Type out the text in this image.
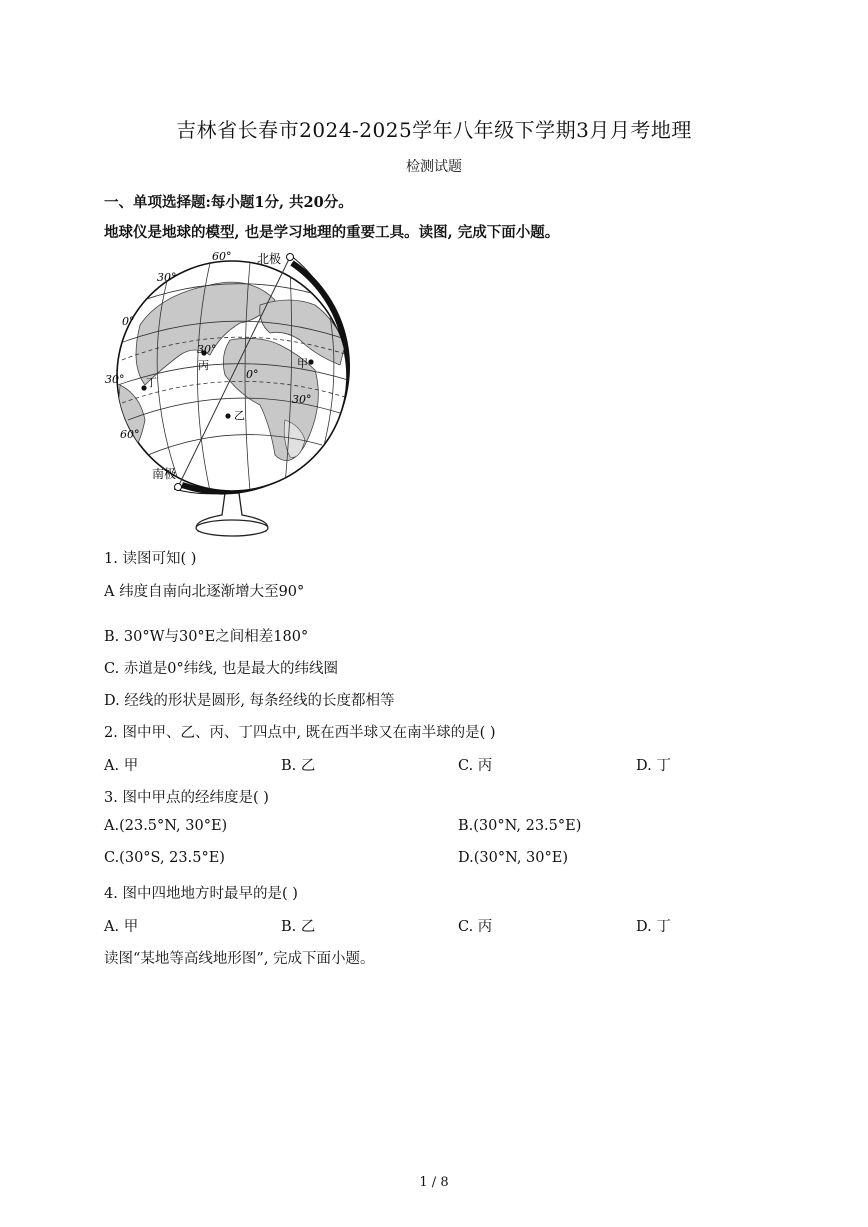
吉林省长春市2024-2025学年八年级下学期3月月考地理
检测试题
一、单项选择题:每小题1分, 共20分。
地球仪是地球的模型, 也是学习地理的重要工具。读图, 完成下面小题。
北极
南极
60°
30°
0°
30°
60°
30°
0°
30°
甲
乙
丙
丁
1. 读图可知( )
A 纬度自南向北逐渐增大至90°
B. 30°W与30°E之间相差180°
C. 赤道是0°纬线, 也是最大的纬线圈
D. 经线的形状是圆形, 每条经线的长度都相等
2. 图中甲、乙、丙、丁四点中, 既在西半球又在南半球的是( )
A. 甲	B. 乙	C. 丙	D. 丁
3. 图中甲点的经纬度是( )
A.(23.5°N, 30°E)	B.(30°N, 23.5°E)
C.(30°S, 23.5°E)	D.(30°N, 30°E)
4. 图中四地地方时最早的是( )
A. 甲	B. 乙	C. 丙	D. 丁
读图“某地等高线地形图”, 完成下面小题。
1 / 8
